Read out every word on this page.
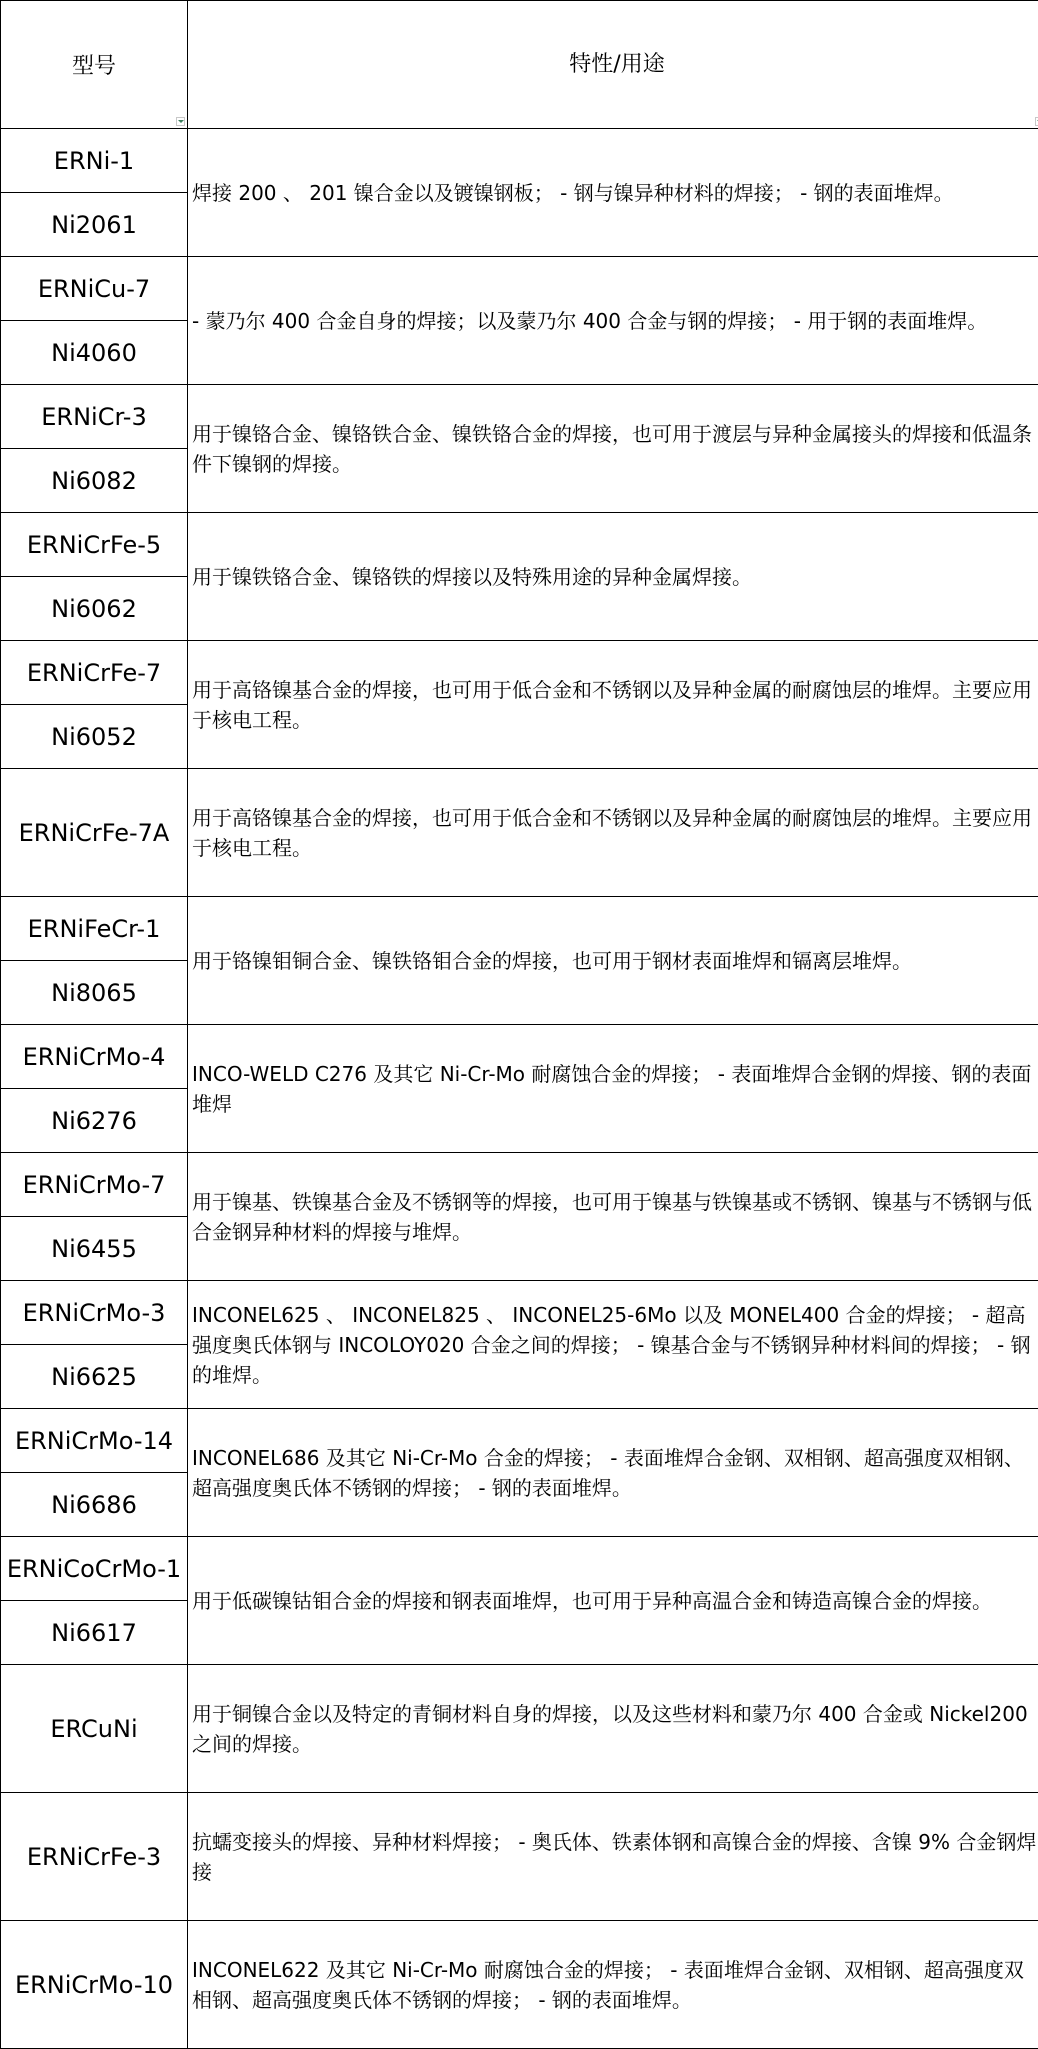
型号	特性/用途

ERNi-1	焊接 200 、 201 镍合金以及镀镍钢板； - 钢与镍异种材料的焊接； - 钢的表面堆焊。
Ni2061	
ERNiCu-7	- 蒙乃尔 400 合金自身的焊接；以及蒙乃尔 400 合金与钢的焊接； - 用于钢的表面堆焊。
Ni4060	
ERNiCr-3	用于镍铬合金、镍铬铁合金、镍铁铬合金的焊接，也可用于渡层与异种金属接头的焊接和低温条件下镍钢的焊接。
Ni6082	
ERNiCrFe-5	用于镍铁铬合金、镍铬铁的焊接以及特殊用途的异种金属焊接。
Ni6062	
ERNiCrFe-7	用于高铬镍基合金的焊接，也可用于低合金和不锈钢以及异种金属的耐腐蚀层的堆焊。主要应用于核电工程。
Ni6052	
ERNiCrFe-7A	用于高铬镍基合金的焊接，也可用于低合金和不锈钢以及异种金属的耐腐蚀层的堆焊。主要应用于核电工程。
ERNiFeCr-1	用于铬镍钼铜合金、镍铁铬钼合金的焊接，也可用于钢材表面堆焊和镉离层堆焊。
Ni8065	
ERNiCrMo-4	INCO-WELD C276 及其它 Ni-Cr-Mo 耐腐蚀合金的焊接； - 表面堆焊合金钢的焊接、钢的表面堆焊
Ni6276	
ERNiCrMo-7	用于镍基、铁镍基合金及不锈钢等的焊接，也可用于镍基与铁镍基或不锈钢、镍基与不锈钢与低合金钢异种材料的焊接与堆焊。
Ni6455	
ERNiCrMo-3	INCONEL625 、 INCONEL825 、 INCONEL25-6Mo 以及 MONEL400 合金的焊接； - 超高强度奥氏体钢与 INCOLOY020 合金之间的焊接； - 镍基合金与不锈钢异种材料间的焊接； - 钢的堆焊。
Ni6625	
ERNiCrMo-14	INCONEL686 及其它 Ni-Cr-Mo 合金的焊接； - 表面堆焊合金钢、双相钢、超高强度双相钢、超高强度奥氏体不锈钢的焊接； - 钢的表面堆焊。
Ni6686	
ERNiCoCrMo-1	用于低碳镍钴钼合金的焊接和钢表面堆焊，也可用于异种高温合金和铸造高镍合金的焊接。
Ni6617	
ERCuNi	用于铜镍合金以及特定的青铜材料自身的焊接，以及这些材料和蒙乃尔 400 合金或 Nickel200 之间的焊接。
ERNiCrFe-3	抗蠕变接头的焊接、异种材料焊接； - 奥氏体、铁素体钢和高镍合金的焊接、含镍 9% 合金钢焊接
ERNiCrMo-10	INCONEL622 及其它 Ni-Cr-Mo 耐腐蚀合金的焊接； - 表面堆焊合金钢、双相钢、超高强度双相钢、超高强度奥氏体不锈钢的焊接； - 钢的表面堆焊。
